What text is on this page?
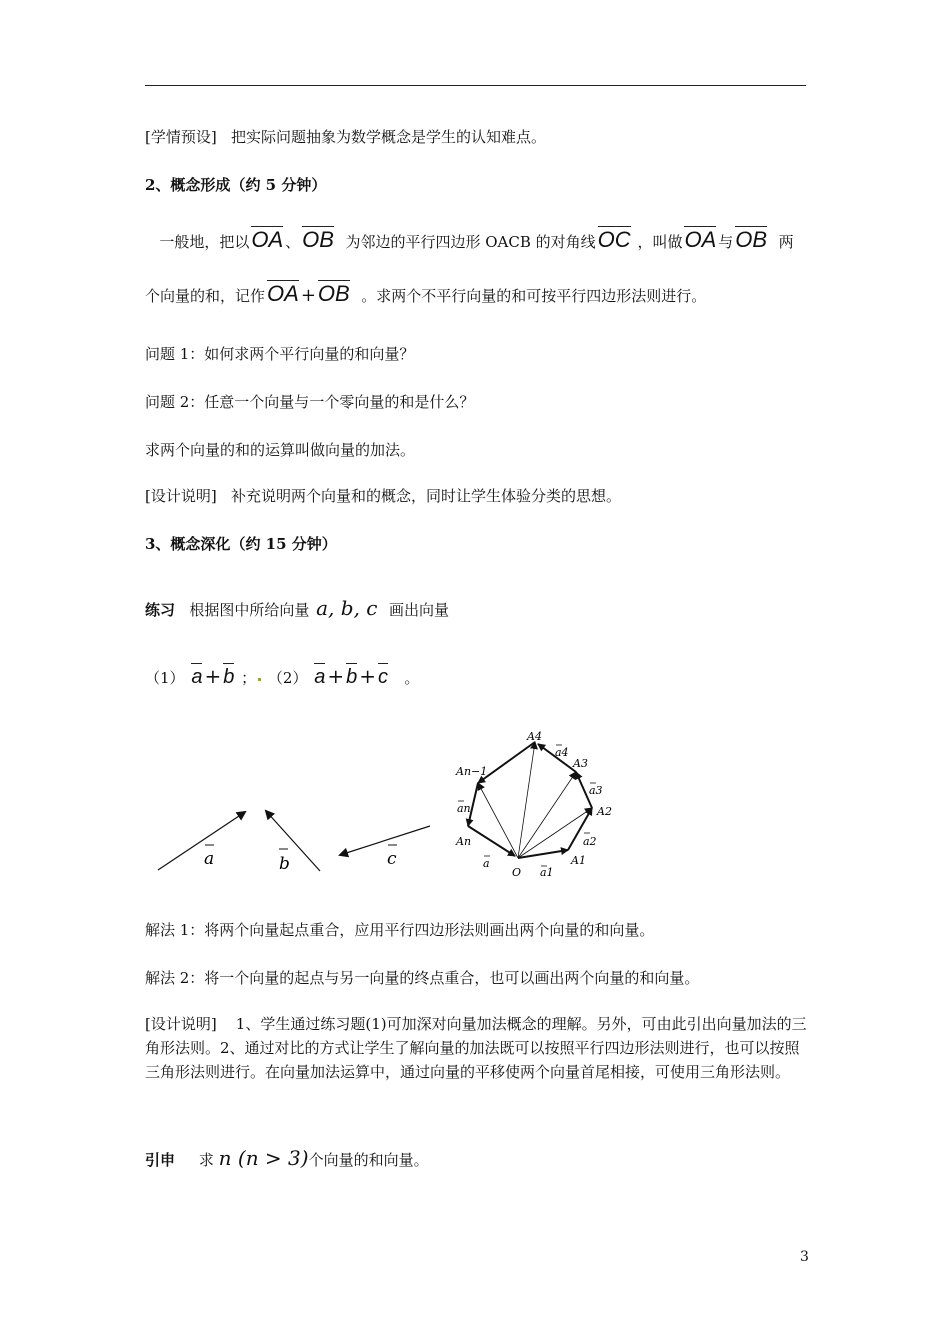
[学情预设] 把实际问题抽象为数学概念是学生的认知难点。
2、概念形成（约 5 分钟）
一般地，把以
OA 、
OB 为邻边的平行四边形 OACB 的对角线
OC ，叫做
OA 与
OB 两
个向量的和，记作
OA +
OB 。求两个不平行向量的和可按平行四边形法则进行。
问题 1：如何求两个平行向量的和向量？
问题 2：任意一个向量与一个零向量的和是什么？
求两个向量的和的运算叫做向量的加法。
[设计说明] 补充说明两个向量和的概念，同时让学生体验分类的思想。
3、概念深化（约 15 分钟）
练习 根据图中所给向量 a, b, c 画出向量
（1） a + b ； （2） a + b + c 。
a	b	c
A4
a4
A3
a3
A2
a2
A1
a1
O
a
An
an
An−1
解法 1：将两个向量起点重合，应用平行四边形法则画出两个向量的和向量。
解法 2：将一个向量的起点与另一向量的终点重合，也可以画出两个向量的和向量。
[设计说明] 1、学生通过练习题(1)可加深对向量加法概念的理解。另外，可由此引出向量加法的三角形法则。2、通过对比的方式让学生了解向量的加法既可以按照平行四边形法则进行，也可以按照三角形法则进行。在向量加法运算中，通过向量的平移使两个向量首尾相接，可使用三角形法则。
引申 求 n (n > 3)个向量的和向量。
3
